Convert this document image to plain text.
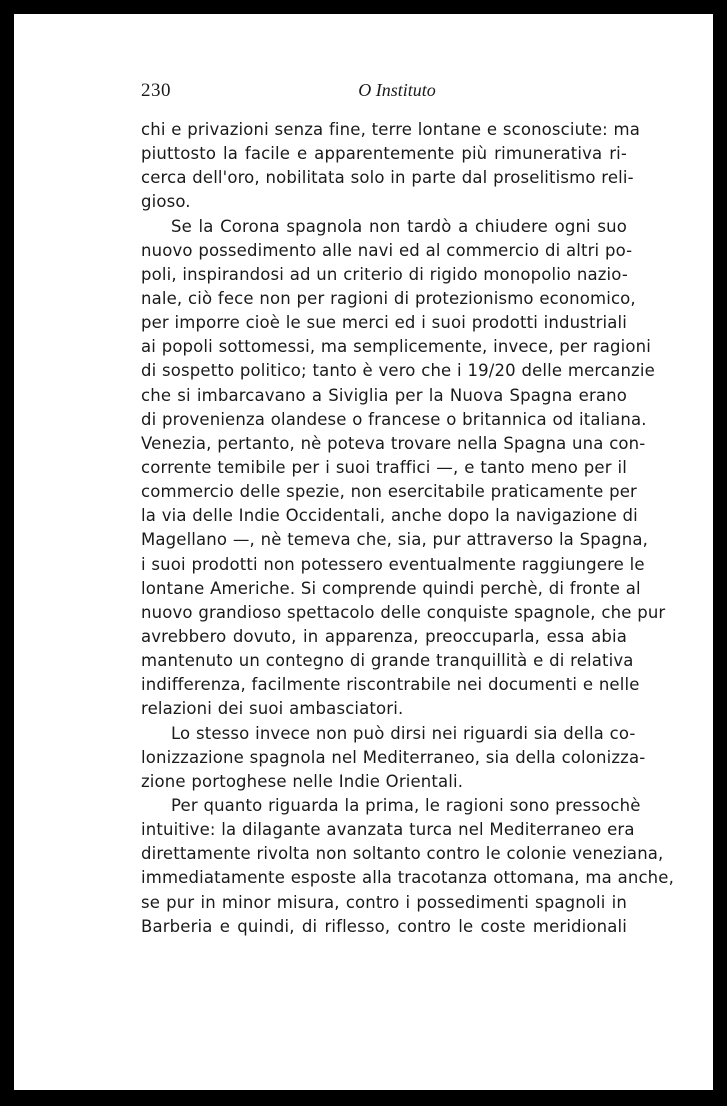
230	O Instituto
chi e privazioni senza fine, terre lontane e sconosciute: ma
piuttosto la facile e apparentemente più rimunerativa ri-
cerca dell'oro, nobilitata solo in parte dal proselitismo reli-
gioso.
Se la Corona spagnola non tardò a chiudere ogni suo
nuovo possedimento alle navi ed al commercio di altri po-
poli, inspirandosi ad un criterio di rigido monopolio nazio-
nale, ciò fece non per ragioni di protezionismo economico,
per imporre cioè le sue merci ed i suoi prodotti industriali
ai popoli sottomessi, ma semplicemente, invece, per ragioni
di sospetto politico; tanto è vero che i 19/20 delle mercanzie
che si imbarcavano a Siviglia per la Nuova Spagna erano
di provenienza olandese o francese o britannica od italiana.
Venezia, pertanto, nè poteva trovare nella Spagna una con-
corrente temibile per i suoi traffici —, e tanto meno per il
commercio delle spezie, non esercitabile praticamente per
la via delle Indie Occidentali, anche dopo la navigazione di
Magellano —, nè temeva che, sia, pur attraverso la Spagna,
i suoi prodotti non potessero eventualmente raggiungere le
lontane Americhe. Si comprende quindi perchè, di fronte al
nuovo grandioso spettacolo delle conquiste spagnole, che pur
avrebbero dovuto, in apparenza, preoccuparla, essa abia
mantenuto un contegno di grande tranquillità e di relativa
indifferenza, facilmente riscontrabile nei documenti e nelle
relazioni dei suoi ambasciatori.
Lo stesso invece non può dirsi nei riguardi sia della co-
lonizzazione spagnola nel Mediterraneo, sia della colonizza-
zione portoghese nelle Indie Orientali.
Per quanto riguarda la prima, le ragioni sono pressochè
intuitive: la dilagante avanzata turca nel Mediterraneo era
direttamente rivolta non soltanto contro le colonie veneziana,
immediatamente esposte alla tracotanza ottomana, ma anche,
se pur in minor misura, contro i possedimenti spagnoli in
Barberia e quindi, di riflesso, contro le coste meridionali
